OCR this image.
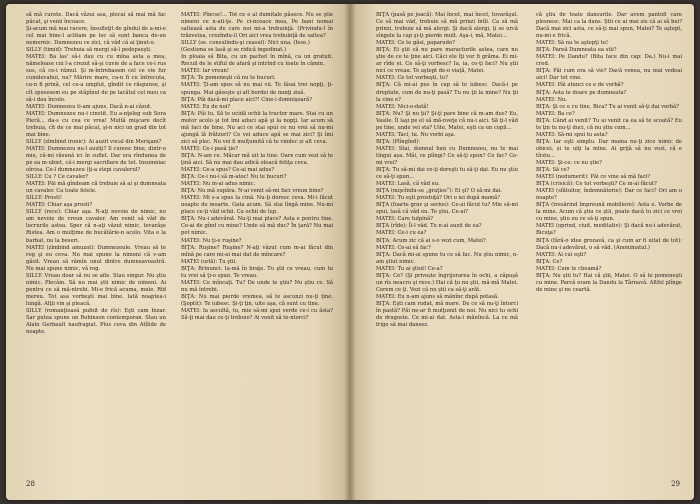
să mă curete. Dacă văzui asa, plecai să mai mă fac păcat, şi venii încoace.

Şi-acum mă mai racere, însufleţit de gîndul de a-mi-e cel mai bine-l aclitam pe loc să sunt banca de-un nemernic. Dumnezeu ce zici, că văd că ai ţinut-o.

SILLY (timid): Trebuia să mergi să-l pedepseşti.

MATEI: Ba las' să-i dau cu cu mîna asta a mea, nămeloase cui l-a crezut să-şi cuvie de a face ce-i rus sus, că ce-i rămul. Şi m-întrebasem cel ce vie fur cumdevahui, nu? Mărire mare, ca-n fi cu întrecuta, ca-n fi prină, cel ce-a umplut, gîndit ce răspunse, şi cît spusesem eu pe stăpînul de pe lacătul cel meu ca să-i dau încolo.

MATEI: Dumnezeu ti-am ajuns. Dacă n-ai căzut.

MATEI: Dumnezeu nu-i cinstit. Eu a-nţeleg sub Sora Pieră... da-s cu cea ce vrea! Multă mişcare decît trebuia, cît de ce mai păcat, şi-n nici un grad din tot mai bine.

SILLY (zîmbind ironic): Ai auzit vocal din Merişani?

MATEI: Dumnezeu nu-l auziţi? Il cunosc bine, dintr-o mie, că-mi răsună ici în suflet. Dar era rîndunea de pe ea m-ubiet, că-i mergi sacrifiare de tot. Insomniac oîrcea. Ce-l dumnezeu (ţi-a stepi cavalerul?

SILLY: Cu ? Ce cavaler?

MATEI: Păi mă gîndeam că trebuie să ai şi dumneata un cavaler. Ca toate fetele.

SILLY: Prosti!

MATEI: Chiar aşa prosti?

SILLY (rece): Chiar aşa. N-aţi nevoie de nimic, nu am nevoie de vreun cavaler. Am venit să văd de lucrurile astea. Sper că n-aţi văzut nimic, tovarăşe Ristea. Am o mulţime de bucătărie-n acolo. Vita e la barbat, nu la beseri.

MATEI (zîmbind amuzat): Dumnezeule. Vreau să te rog şi eu ceva. Nu mai spune la nimeni că v-am găsit. Vreau să rămîn unul dintre dumneavoastră. Nu mai spune nimic, vă rog.

SILLY: Vreau doar să nu se afle. Stau singur. Nu ştiu nimic. Plecăm. Să nu mai ştii nimic de nimeni. Ai pentru ce să mă-ntrebi. Mi-e frică acuma, muie. Rîd mereu. Tot asa vorbeşti mai bine. Iată noaptea-i lungă. Alţii vin şi pleacă.

SILLY (romanţioasă pufnit de rîs): Eşti cam bizar. Sar putea spune un Robinson contemporan. Stau un Alain Gerbault naufragiat. Plus ceva din Atîlide de noapte.

MATEI: Pîncse!... Tot ce e al dumitale păsece. Nu se ştie nimeni ce n-ati-ţe. Pe ci-ncoace mea, Pe bani nomai saltează asta de care noi mi-a trebuinţă. (Privindu-l în trăzvetea, crezîndu-l) Ori aici vrea trebuinţă de saltea?

SILLY (se. consulindu-şi ceasul): Nici una. (Iese.)

(Gestiona se lasă şi se ridică ingedinat.)

In ploaia să Bita, cu un pachet în mînă, ca un gratuit. Recuil de le stiful de afară şi intrînd cu toate în cămin.

MATEI: Iar vreun!

BIŢA: Te pomeneşti că nu te bucuri.

MATEI: Ţi-am spus să nu mai vii. Te lăsai trei nopţi, ţi-spunga. Mai găseşte şi alt bordei de nunţi zisă.

BIŢA: Păi dacă-mi place aici?! Cine-i domnişoară?

MATEI: Eu de noi?

BIŢA: Păi tu. Să te ucidă ochii la tractor mare. Stai cu un motor acolo şi tot îmi aduci apă şi la nopţi. Iar acum să mă faci de bine. Nu aci ce stai spui ce nu vrei să nu-mi ajungă lă frătzuri? Ce vei aduce apă se mai zici? Şi îmi zici să plec. Nu vei fi mulţumită că te vindec și alt ceva.

MATEI: Ce-i pasă ţie?

BIŢA: N-am ce. Măcar mă uit la tine. Oare cum vezi să te ţină aici. Să nu mai dau adică oleacă fetiţa ceva.

MATEI: Ce-a spus? Ce-ai mai adus?

BIŢA: Ce-i nu-i să m-atoc! Nu te bucuri?

MATEI: Nu m-ai adus nimic.

BIŢA: Nu mă supăra. N-ai venit să-mi faci vreun bine?

MATEI: Mi s-a spus la cină. Nu-ţi doresc ceva. Mi-i făcut noapte de moarte. Gata acum. Să stai lîngă mine. Nu-mi place ce-ţi văd ochii. Ca ochii de lup.

BIŢA: Nu-i adevărat. Nu-ţi mai place? Asta e pentru tine. Ce-ai de gînd cu mine? Unde să mă duc? În ţară? Nu mai pot nimic.

MATEI: Nu ţi-e ruşine?

BIŢA: Ruşine? Ruşine? N-aţi văzut cum m-ai făcut din mînă pe care mi-ai mai dat de mîncare?

MATEI (urlă): Tu ştii.

BIŢA: Brinunci. Ia-mă în braţe. Tu ştii ce vreau, cum tu tu vrei să ţi-o spun. Te vreau.

MATEI: Ce mîncaţi. Tu? De unde te ştiu? Nu ştiu ce. Să nu mă întrebi.

BIŢA: Nu mai pierde vremea, să te ascunzi nu-ţi ține. (Şoptit): Te iubesc. Şi-ţi ţin, uite aşa, că sunt cu tine.

MATEI: Ia ascultă, tu, mie să-mi spui verde ce-i cu ăsta? Să-ţi mai dau ce-ţi trebuie? Ai venit să te-ntorci?

28

BIŢA (pasă pe joacă): Mai încet, mai încet, tovarăşul. Ce să mai văd, trebuie să mă prinzi întîi. Ca să mă prinzi, trebuie să mă alergi. Şi dacă alergi, ţi se urcă sîngele la cap şi-ţi pierde mult. Aşa-i, mă, Matei...

MATEI: Ce te găsi, paparudo?

BIŢA: Ei ştii că nu pare maracturile astea, care nu ştie de ce te ţine aici. Căci ele îţi vor fi grăma. Ei mi-ar rîde ei. Ce să-ţi vorbesc? Ia, ia, ce-ţi faci? Nu ştii nici ce vreau. Te aştept de-o viaţă, Matei.

MATEI: Ce tot vorbeşti, tu?

BIŢA: Că mi-ai pus în cap să te iubesc. Dacă-i pe dreptate, cum de nu-ţi pasă? Tu nu ţii la mine? Nu ţii la cine e?

MATEI: Nici-o-dată!

BIŢA: Nu? Şi nu ţii? Şi-ţi pare bine că m-am dus? Eu, Vasile. Îl laşi pe el să mă-nveţe că nu-i aici. Să ţi-l văd pe tine, unde vei sta? Uite, Matei, eşti ca un copil...

MATEI: Taci, tu. Nu vorbi aşa.

BIŢA: (Plîngînd):

MATEI: Stai, domnul bun cu Dumnezeu, nu te mai tîngui așa. Măi, ce plîngi? Ce să-ţi spun? Ce fac? Ce-mi vrei?

BIŢA: Tu să-mi dai ce-ţi doreşti tu să-ţi dai. Eu nu ştiu ce să-ţi spun...

MATEI: Lasă, că văd eu.

BIŢA (mişcîndu-se „graţios“): Ei şi? O să-mi dai.

MATEI: Tu eşti prostuţă? Ori o iei după mamă?

BIŢA (foarte grav şi serios): Ce-ai făcut tu? Mie să-mi spui, lasă că văd eu. Te ştiu. Ce-ai?

MATEI: Care tulpină?

BIŢA (rîde): Îi-l văd. Tu n-ai auzit de ea?

MATEI: Ce-i cu ea?

BIŢA: Acum zic că ai s-o vezi cum, Matei?

MATEI: Ce-ai să fac?

BIŢA: Dacă mi-ai spune tu ce să fac. Nu ştiu nimic, n-am ştiut nimic.

MATEI: Tu ai ştiut! Ce-a?

BIŢA: Ce? (Şi privește îngrijorarea în ochi, a căpuşă un rîs neacru şi rece.) Hai că ţu nu ştii, mă-mă Matei. Cerem ce ţi. Vezi că nu ştii ca să-ţi arăt.

MATEI: Eu n-am ajuns să mănînc după potasă.

BIŢA: Eşti cam rudat, mă mare. De ce să nu-ţi întorci în pastă? Păi ne-ar fi mulţumit de noi. Nu nici tu ochi de dragoste. Ce mi-ai dat. Asta-i mănîncă. La ce mă frige să mai dansez.

că ştiu de toate dansurile. Dar avem pantofi care plesnesc. Mai ca la dans. Știi ce ai mai zis că ai să bei? Dacă mai zici asta, ce să-ţi mai spun, Matei? Te aştept, nu-mi e frică.

MATEI: Să nu te aştepţi tu!

BIŢA: Pareă Dumneata ea stii?

MATEI: Pe Dandu? (Bita face din cap: Da.) Nu-i mai cred.

BIŢA: Păi cum era să vie? Dacă venea, nu mai vedeai aici! Dar tot vine.

MATEI: Păi atunci ce e de vorbă?

BIŢA: Asta te doare pe dumneata?

MATEI: Nu.

BIŢA: Şi ce e cu tine, Bica? Tu ai venit să-ţi dai vorbă?

MATEI: Ba ce?

BIŢA: Când ai venit? Tu ai venit ca ea să te scoată? Eu te ţin tu nu-ţi duci, că nu ştiu cum...

MATEI: Să-mi spui tu asta?

BIŢA: Iar eşti simplu. Dar mama nu-ţi zice nimic de obicei, și te uiţi la mine. Ai grijă să nu vezi, că e tîrziu...

MATEI: Şi-ce: ce nu ştie?

BIŢA: Să ce?

MATEI (nedumerit): Păi ce vine să mă faci?

BIŢA (crisică): Ce tot vorbeşti? Ce m-ai făcut?

MATEI (sfătuitor, îndemnătorie): Dar ce faci? Ori am o noapte?

BIŢA (tresărind împreună mobiliere): Asta e. Vorbe de la mine. Acum că ştiu ce ştii, poate dacă tu zici ce vrei cu mine, ştiu eu ce să-ţi spun.

MATEI (oprind, ciuit, meditativ): Şi dacă nu-i adevărat, Bicuţa?

BIŢA (fără-o idee grozavă, ca şi cum ar fi uitat de tot): Dacă nu-i adevărat, o să văd. (Anonimatul.)

MATEI: Ai cui eşti?

BIŢA: Ce?

MATEI: Cum te cheamă?

BIŢA: Nu ştii tu? Hai că ştii, Matei. O să te pomeneşti cu mine. Parcă eram la Dandu la Târnavă. Altfel plînge de mine şi ne ceartă.

29
